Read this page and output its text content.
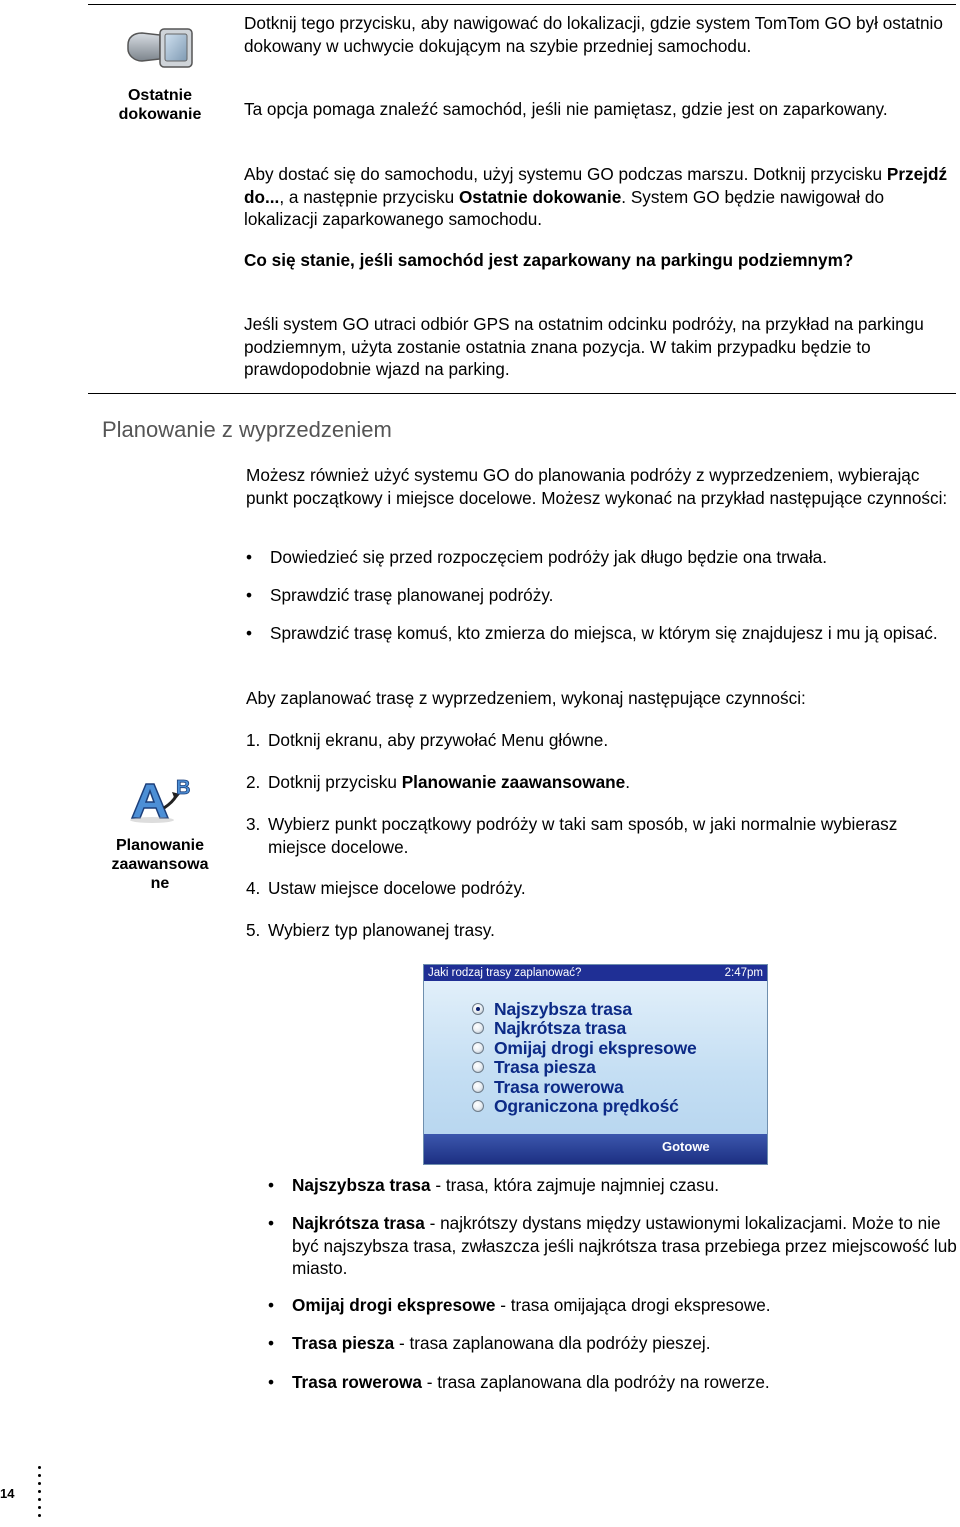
Ostatnie dokowanie

Dotknij tego przycisku, aby nawigować do lokalizacji, gdzie system TomTom GO był ostatnio dokowany w uchwycie dokującym na szybie przedniej samochodu.

Ta opcja pomaga znaleźć samochód, jeśli nie pamiętasz, gdzie jest on zaparkowany.

Aby dostać się do samochodu, użyj systemu GO podczas marszu. Dotknij przycisku Przejdź do..., a następnie przycisku Ostatnie dokowanie. System GO będzie nawigował do lokalizacji zaparkowanego samochodu.

Co się stanie, jeśli samochód jest zaparkowany na parkingu podziemnym?

Jeśli system GO utraci odbiór GPS na ostatnim odcinku podróży, na przykład na parkingu podziemnym, użyta zostanie ostatnia znana pozycja. W takim przypadku będzie to prawdopodobnie wjazd na parking.

Planowanie z wyprzedzeniem

Możesz również użyć systemu GO do planowania podróży z wyprzedzeniem, wybierając punkt początkowy i miejsce docelowe. Możesz wykonać na przykład następujące czynności:

• Dowiedzieć się przed rozpoczęciem podróży jak długo będzie ona trwała.
• Sprawdzić trasę planowanej podróży.
• Sprawdzić trasę komuś, kto zmierza do miejsca, w którym się znajdujesz i mu ją opisać.

Aby zaplanować trasę z wyprzedzeniem, wykonaj następujące czynności:

1. Dotknij ekranu, aby przywołać Menu główne.
2. Dotknij przycisku Planowanie zaawansowane.
3. Wybierz punkt początkowy podróży w taki sam sposób, w jaki normalnie wybierasz miejsce docelowe.
4. Ustaw miejsce docelowe podróży.
5. Wybierz typ planowanej trasy.
B
Planowanie zaawansowa ne
Jaki rodzaj trasy zaplanować?	2:47pm
Najszybsza trasa
Najkrótsza trasa
Omijaj drogi ekspresowe
Trasa piesza
Trasa rowerowa
Ograniczona prędkość
Gotowe
• Najszybsza trasa - trasa, która zajmuje najmniej czasu.
• Najkrótsza trasa - najkrótszy dystans między ustawionymi lokalizacjami. Może to nie być najszybsza trasa, zwłaszcza jeśli najkrótsza trasa przebiega przez miejscowość lub miasto.
• Omijaj drogi ekspresowe - trasa omijająca drogi ekspresowe.
• Trasa piesza - trasa zaplanowana dla podróży pieszej.
• Trasa rowerowa - trasa zaplanowana dla podróży na rowerze.
14
